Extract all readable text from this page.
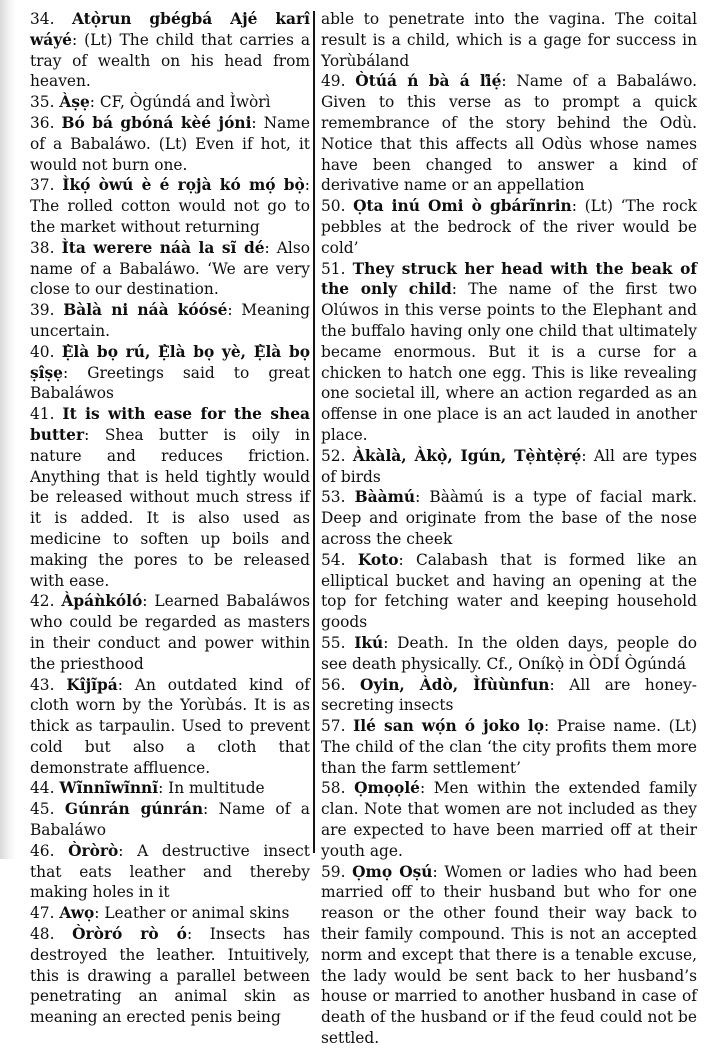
34. Atọ̀run gbégbá Ajé karî wáyé: (Lt) The child that carries a tray of wealth on his head from heaven.

35. Àṣẹ: CF, Ògúndá and Ìwòrì

36. Bó bá gbóná kèé jóni: Name of a Babaláwo. (Lt) Even if hot, it would not burn one.

37. Ìkọ́ òwú è é rọjà kó mọ́ bọ̀: The rolled cotton would not go to the market without returning

38. Ìta werere náà la sĩ dé: Also name of a Babaláwo. ‘We are very close to our destination.

39. Bàlà ni náà kóósé: Meaning uncertain.

40. Ẹ̀là bọ rú, Ẹ̀là bọ yè, Ẹ̀là bọ ṣîṣẹ: Greetings said to great Babaláwos

41. It is with ease for the shea butter: Shea butter is oily in nature and reduces friction. Anything that is held tightly would be released without much stress if it is added. It is also used as medicine to soften up boils and making the pores to be released with ease.

42. Àpáǹkóló: Learned Babaláwos who could be regarded as masters in their conduct and power within the priesthood

43. Kîjĩpá: An outdated kind of cloth worn by the Yorùbás. It is as thick as tarpaulin. Used to prevent cold but also a cloth that demonstrate affluence.

44. Wĩnnĩwĩnnĩ: In multitude

45. Gúnrán gúnrán: Name of a Babaláwo

46. Òròrò: A destructive insect that eats leather and thereby making holes in it

47. Awọ: Leather or animal skins

48. Òròró rò ó: Insects has destroyed the leather. Intuitively, this is drawing a parallel between penetrating an animal skin as meaning an erected penis being

able to penetrate into the vagina. The coital result is a child, which is a gage for success in Yorùbáland

49. Òtúá ń bà á ľiẹ́: Name of a Babaláwo. Given to this verse as to prompt a quick remembrance of the story behind the Odù. Notice that this affects all Odùs whose names have been changed to answer a kind of derivative name or an appellation

50. Ọta inú Omi ò gbárĩnrin: (Lt) ‘The rock pebbles at the bedrock of the river would be cold’

51. They struck her head with the beak of the only child: The name of the first two Olúwos in this verse points to the Elephant and the buffalo having only one child that ultimately became enormous. But it is a curse for a chicken to hatch one egg. This is like revealing one societal ill, where an action regarded as an offense in one place is an act lauded in another place.

52. Àkàlà, Àkọ̀, Igún, Tẹ̀ǹtẹ̀rẹ́: All are types of birds

53. Bààmú: Bààmú is a type of facial mark. Deep and originate from the base of the nose across the cheek

54. Koto: Calabash that is formed like an elliptical bucket and having an opening at the top for fetching water and keeping household goods

55. Ikú: Death. In the olden days, people do see death physically. Cf., Oníkọ̀ in ÒDÍ Ògúndá

56. Oyin, Àdò, Ìfùùnfun: All are honey-secreting insects

57. Ilé san wọ́n ó joko lọ: Praise name. (Lt) The child of the clan ‘the city profits them more than the farm settlement’

58. Ọmọọlé: Men within the extended family clan. Note that women are not included as they are expected to have been married off at their youth age.

59. Ọmọ Oṣú: Women or ladies who had been married off to their husband but who for one reason or the other found their way back to their family compound. This is not an accepted norm and except that there is a tenable excuse, the lady would be sent back to her husband’s house or married to another husband in case of death of the husband or if the feud could not be settled.
